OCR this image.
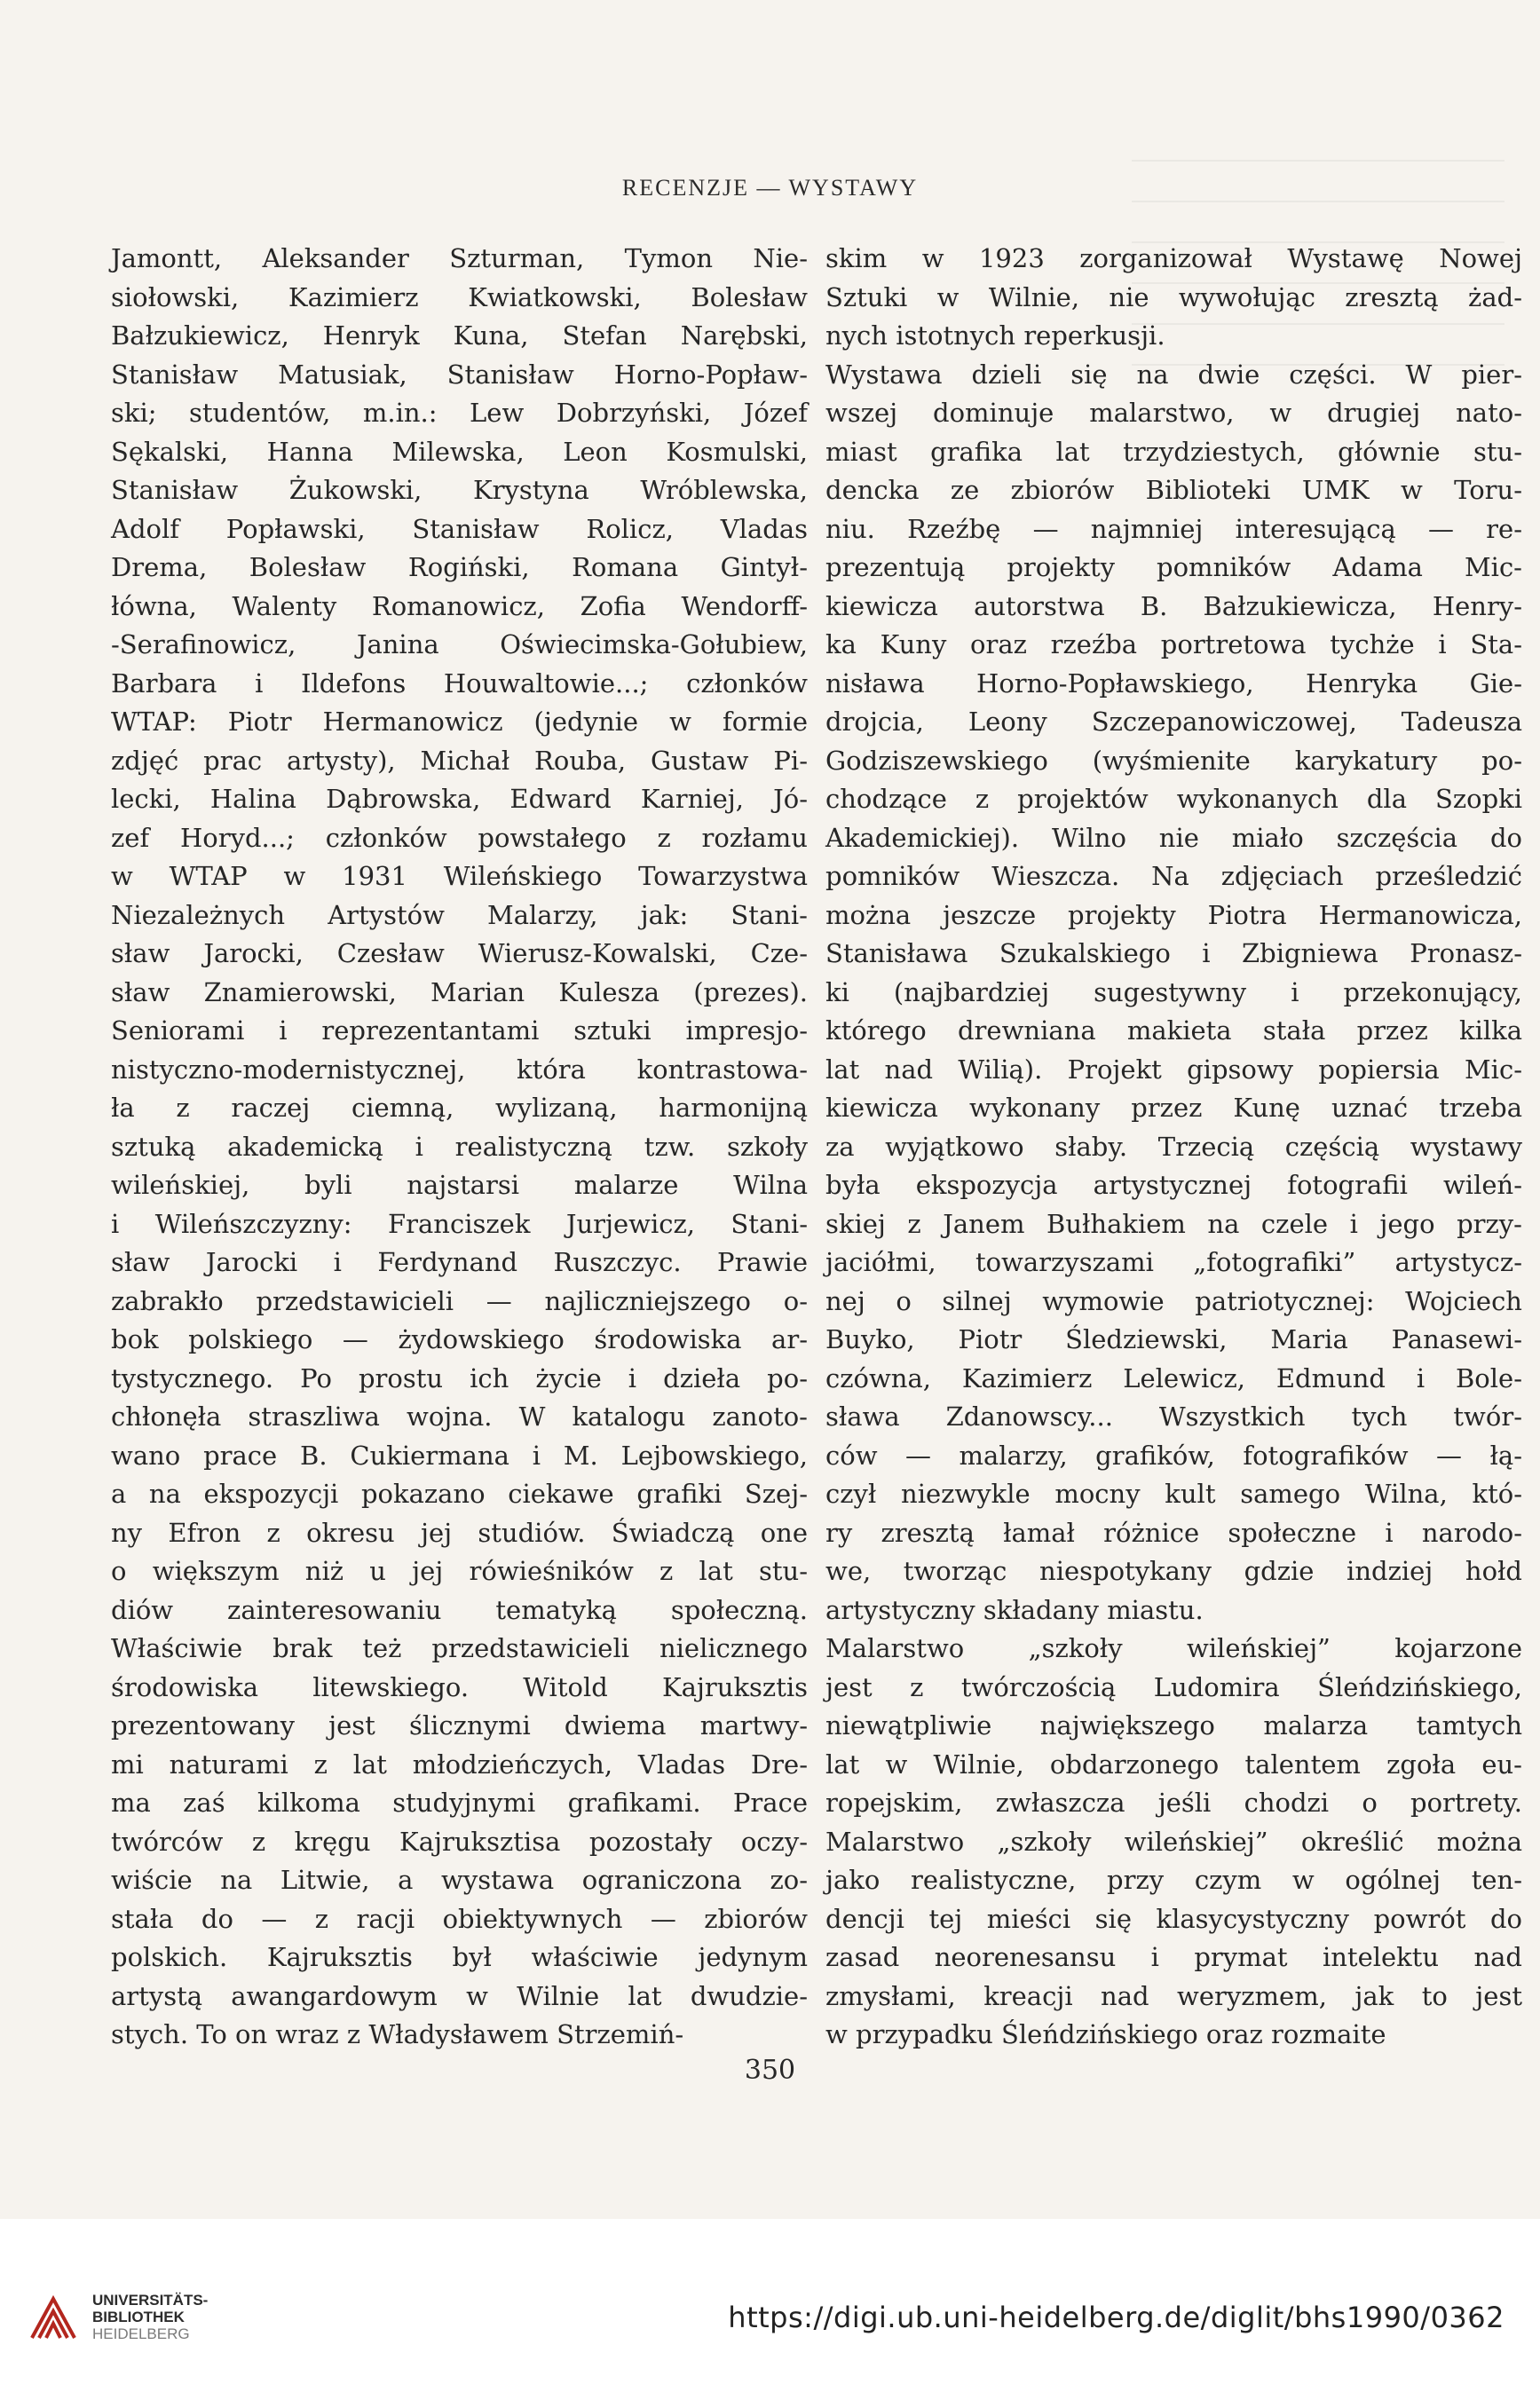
RECENZJE — WYSTAWY
Jamontt, Aleksander Szturman, Tymon Nie-
siołowski, Kazimierz Kwiatkowski, Bolesław
Bałzukiewicz, Henryk Kuna, Stefan Narębski,
Stanisław Matusiak, Stanisław Horno-Popław-
ski; studentów, m.in.: Lew Dobrzyński, Józef
Sękalski, Hanna Milewska, Leon Kosmulski,
Stanisław Żukowski, Krystyna Wróblewska,
Adolf Popławski, Stanisław Rolicz, Vladas
Drema, Bolesław Rogiński, Romana Gintył-
łówna, Walenty Romanowicz, Zofia Wendorff-
-Serafinowicz, Janina Oświecimska-Gołubiew,
Barbara i Ildefons Houwaltowie...; członków
WTAP: Piotr Hermanowicz (jedynie w formie
zdjęć prac artysty), Michał Rouba, Gustaw Pi-
lecki, Halina Dąbrowska, Edward Karniej, Jó-
zef Horyd...; członków powstałego z rozłamu
w WTAP w 1931 Wileńskiego Towarzystwa
Niezależnych Artystów Malarzy, jak: Stani-
sław Jarocki, Czesław Wierusz-Kowalski, Cze-
sław Znamierowski, Marian Kulesza (prezes).
Seniorami i reprezentantami sztuki impresjo-
nistyczno-modernistycznej, która kontrastowa-
ła z raczej ciemną, wylizaną, harmonijną
sztuką akademicką i realistyczną tzw. szkoły
wileńskiej, byli najstarsi malarze Wilna
i Wileńszczyzny: Franciszek Jurjewicz, Stani-
sław Jarocki i Ferdynand Ruszczyc. Prawie
zabrakło przedstawicieli — najliczniejszego o-
bok polskiego — żydowskiego środowiska ar-
tystycznego. Po prostu ich życie i dzieła po-
chłonęła straszliwa wojna. W katalogu zanoto-
wano prace B. Cukiermana i M. Lejbowskiego,
a na ekspozycji pokazano ciekawe grafiki Szej-
ny Efron z okresu jej studiów. Świadczą one
o większym niż u jej rówieśników z lat stu-
diów zainteresowaniu tematyką społeczną.
Właściwie brak też przedstawicieli nielicznego
środowiska litewskiego. Witold Kajruksztis
prezentowany jest ślicznymi dwiema martwy-
mi naturami z lat młodzieńczych, Vladas Dre-
ma zaś kilkoma studyjnymi grafikami. Prace
twórców z kręgu Kajruksztisa pozostały oczy-
wiście na Litwie, a wystawa ograniczona zo-
stała do — z racji obiektywnych — zbiorów
polskich. Kajruksztis był właściwie jedynym
artystą awangardowym w Wilnie lat dwudzie-
stych. To on wraz z Władysławem Strzemiń-
skim w 1923 zorganizował Wystawę Nowej
Sztuki w Wilnie, nie wywołując zresztą żad-
nych istotnych reperkusji.
Wystawa dzieli się na dwie części. W pier-
wszej dominuje malarstwo, w drugiej nato-
miast grafika lat trzydziestych, głównie stu-
dencka ze zbiorów Biblioteki UMK w Toru-
niu. Rzeźbę — najmniej interesującą — re-
prezentują projekty pomników Adama Mic-
kiewicza autorstwa B. Bałzukiewicza, Henry-
ka Kuny oraz rzeźba portretowa tychże i Sta-
nisława Horno-Popławskiego, Henryka Gie-
drojcia, Leony Szczepanowiczowej, Tadeusza
Godziszewskiego (wyśmienite karykatury po-
chodzące z projektów wykonanych dla Szopki
Akademickiej). Wilno nie miało szczęścia do
pomników Wieszcza. Na zdjęciach prześledzić
można jeszcze projekty Piotra Hermanowicza,
Stanisława Szukalskiego i Zbigniewa Pronasz-
ki (najbardziej sugestywny i przekonujący,
którego drewniana makieta stała przez kilka
lat nad Wilią). Projekt gipsowy popiersia Mic-
kiewicza wykonany przez Kunę uznać trzeba
za wyjątkowo słaby. Trzecią częścią wystawy
była ekspozycja artystycznej fotografii wileń-
skiej z Janem Bułhakiem na czele i jego przy-
jaciółmi, towarzyszami „fotografiki” artystycz-
nej o silnej wymowie patriotycznej: Wojciech
Buyko, Piotr Śledziewski, Maria Panasewi-
czówna, Kazimierz Lelewicz, Edmund i Bole-
sława Zdanowscy... Wszystkich tych twór-
ców — malarzy, grafików, fotografików — łą-
czył niezwykle mocny kult samego Wilna, któ-
ry zresztą łamał różnice społeczne i narodo-
we, tworząc niespotykany gdzie indziej hołd
artystyczny składany miastu.
Malarstwo „szkoły wileńskiej” kojarzone
jest z twórczością Ludomira Śleńdzińskiego,
niewątpliwie największego malarza tamtych
lat w Wilnie, obdarzonego talentem zgoła eu-
ropejskim, zwłaszcza jeśli chodzi o portrety.
Malarstwo „szkoły wileńskiej” określić można
jako realistyczne, przy czym w ogólnej ten-
dencji tej mieści się klasycystyczny powrót do
zasad neorenesansu i prymat intelektu nad
zmysłami, kreacji nad weryzmem, jak to jest
w przypadku Śleńdzińskiego oraz rozmaite
350
UNIVERSITÄTS-
BIBLIOTHEK
HEIDELBERG	https://digi.ub.uni-heidelberg.de/diglit/bhs1990/0362
